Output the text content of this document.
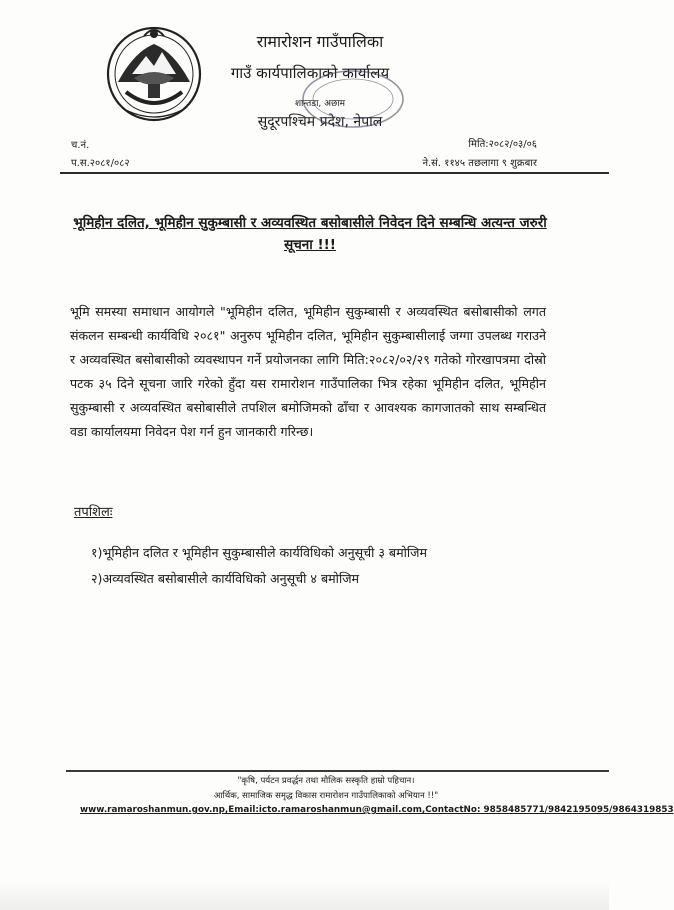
रामारोशन गाउँपालिका
गाउँ कार्यपालिकाको कार्यालय
शान्तडा, अछाम
सुदूरपश्चिम प्रदेश, नेपाल
च.नं.
प.स.२०८१/०८२
मिति:२०८२/०३/०६
ने.सं. ११४५ तछलागा ९ शुक्रबार
भूमिहीन दलित, भूमिहीन सुकुम्बासी र अव्यवस्थित बसोबासीले निवेदन दिने सम्बन्धि अत्यन्त जरुरी सूचना !!!
भूमि समस्या समाधान आयोगले "भूमिहीन दलित, भूमिहीन सुकुम्बासी र अव्यवस्थित बसोबासीको लगत संकलन सम्बन्धी कार्यविधि २०८१" अनुरुप भूमिहीन दलित, भूमिहीन सुकुम्बासीलाई जग्गा उपलब्ध गराउने र अव्यवस्थित बसोबासीको व्यवस्थापन गर्ने प्रयोजनका लागि मिति:२०८२/०२/२९ गतेको गोरखापत्रमा दोस्रो पटक ३५ दिने सूचना जारि गरेको हुँदा यस रामारोशन गाउँपालिका भित्र रहेका भूमिहीन दलित, भूमिहीन सुकुम्बासी र अव्यवस्थित बसोबासीले तपशिल बमोजिमको ढाँचा र आवश्यक कागजातको साथ सम्बन्धित वडा कार्यालयमा निवेदन पेश गर्न हुन जानकारी गरिन्छ।
तपशिलः
१)भूमिहीन दलित र भूमिहीन सुकुम्बासीले कार्यविधिको अनुसूची ३ बमोजिम
२)अव्यवस्थित बसोबासीले कार्यविधिको अनुसूची ४ बमोजिम
"कृषि, पर्यटन प्रवर्द्धन तथा मौलिक सस्कृति हाम्रो पहिचान।
आर्थिक, सामाजिक समृद्ध विकास रामारोशन गाउँपालिकाको अभियान !!"
www.ramaroshanmun.gov.np,Email:icto.ramaroshanmun@gmail.com,ContactNo: 9858485771/9842195095/9864319853
